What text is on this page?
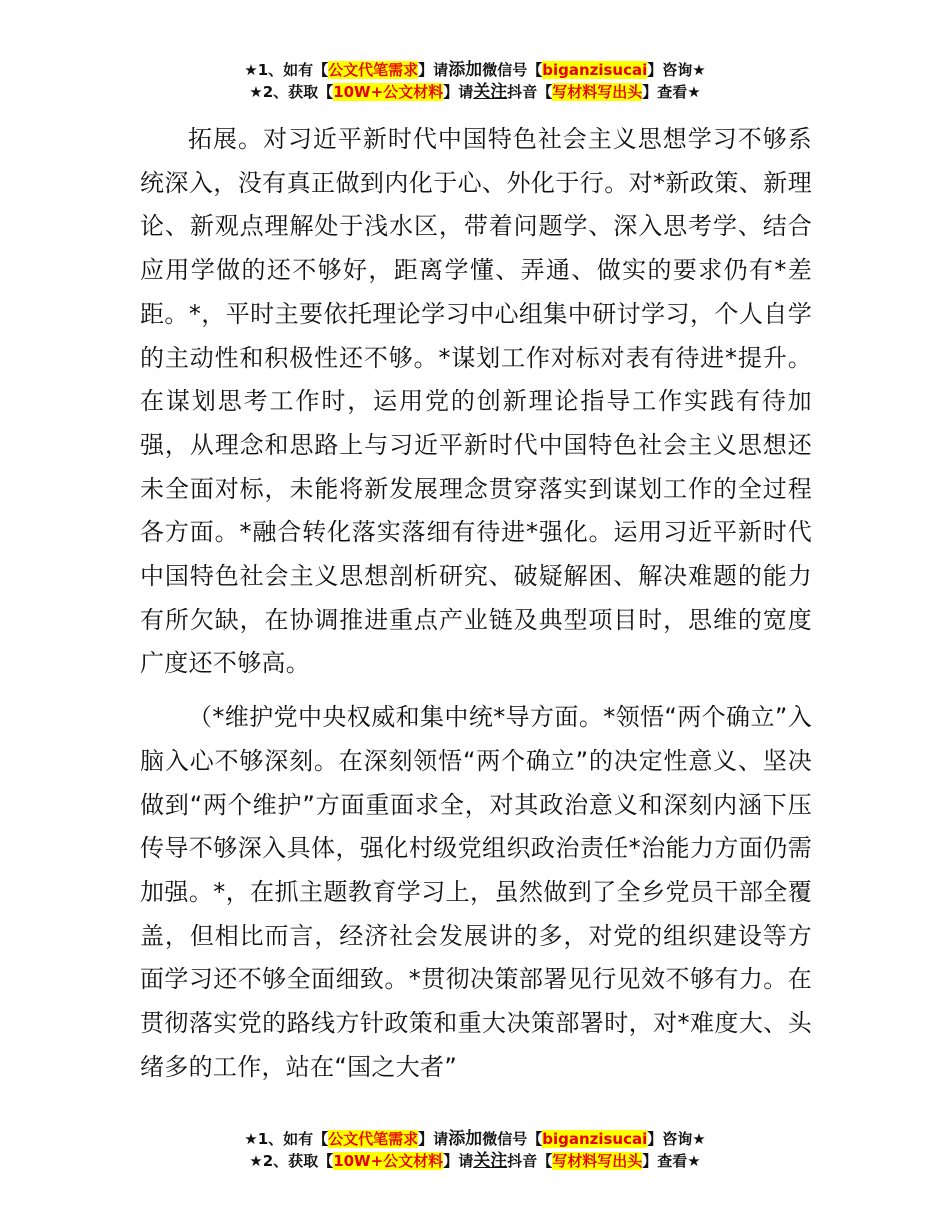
★1、如有【公文代笔需求】请添加微信号【biganzisucai】咨询★
★2、获取【10W+公文材料】请关注抖音【写材料写出头】查看★

拓展。对习近平新时代中国特色社会主义思想学习不够系统深入，没有真正做到内化于心、外化于行。对*新政策、新理论、新观点理解处于浅水区，带着问题学、深入思考学、结合应用学做的还不够好，距离学懂、弄通、做实的要求仍有*差距。*，平时主要依托理论学习中心组集中研讨学习，个人自学的主动性和积极性还不够。*谋划工作对标对表有待进*提升。在谋划思考工作时，运用党的创新理论指导工作实践有待加强，从理念和思路上与习近平新时代中国特色社会主义思想还未全面对标，未能将新发展理念贯穿落实到谋划工作的全过程各方面。*融合转化落实落细有待进*强化。运用习近平新时代中国特色社会主义思想剖析研究、破疑解困、解决难题的能力有所欠缺，在协调推进重点产业链及典型项目时，思维的宽度广度还不够高。

（*维护党中央权威和集中统*导方面。*领悟“两个确立”入脑入心不够深刻。在深刻领悟“两个确立”的决定性意义、坚决做到“两个维护”方面重面求全，对其政治意义和深刻内涵下压传导不够深入具体，强化村级党组织政治责任*治能力方面仍需加强。*，在抓主题教育学习上，虽然做到了全乡党员干部全覆盖，但相比而言，经济社会发展讲的多，对党的组织建设等方面学习还不够全面细致。*贯彻决策部署见行见效不够有力。在贯彻落实党的路线方针政策和重大决策部署时，对*难度大、头绪多的工作，站在“国之大者”

★1、如有【公文代笔需求】请添加微信号【biganzisucai】咨询★
★2、获取【10W+公文材料】请关注抖音【写材料写出头】查看★
